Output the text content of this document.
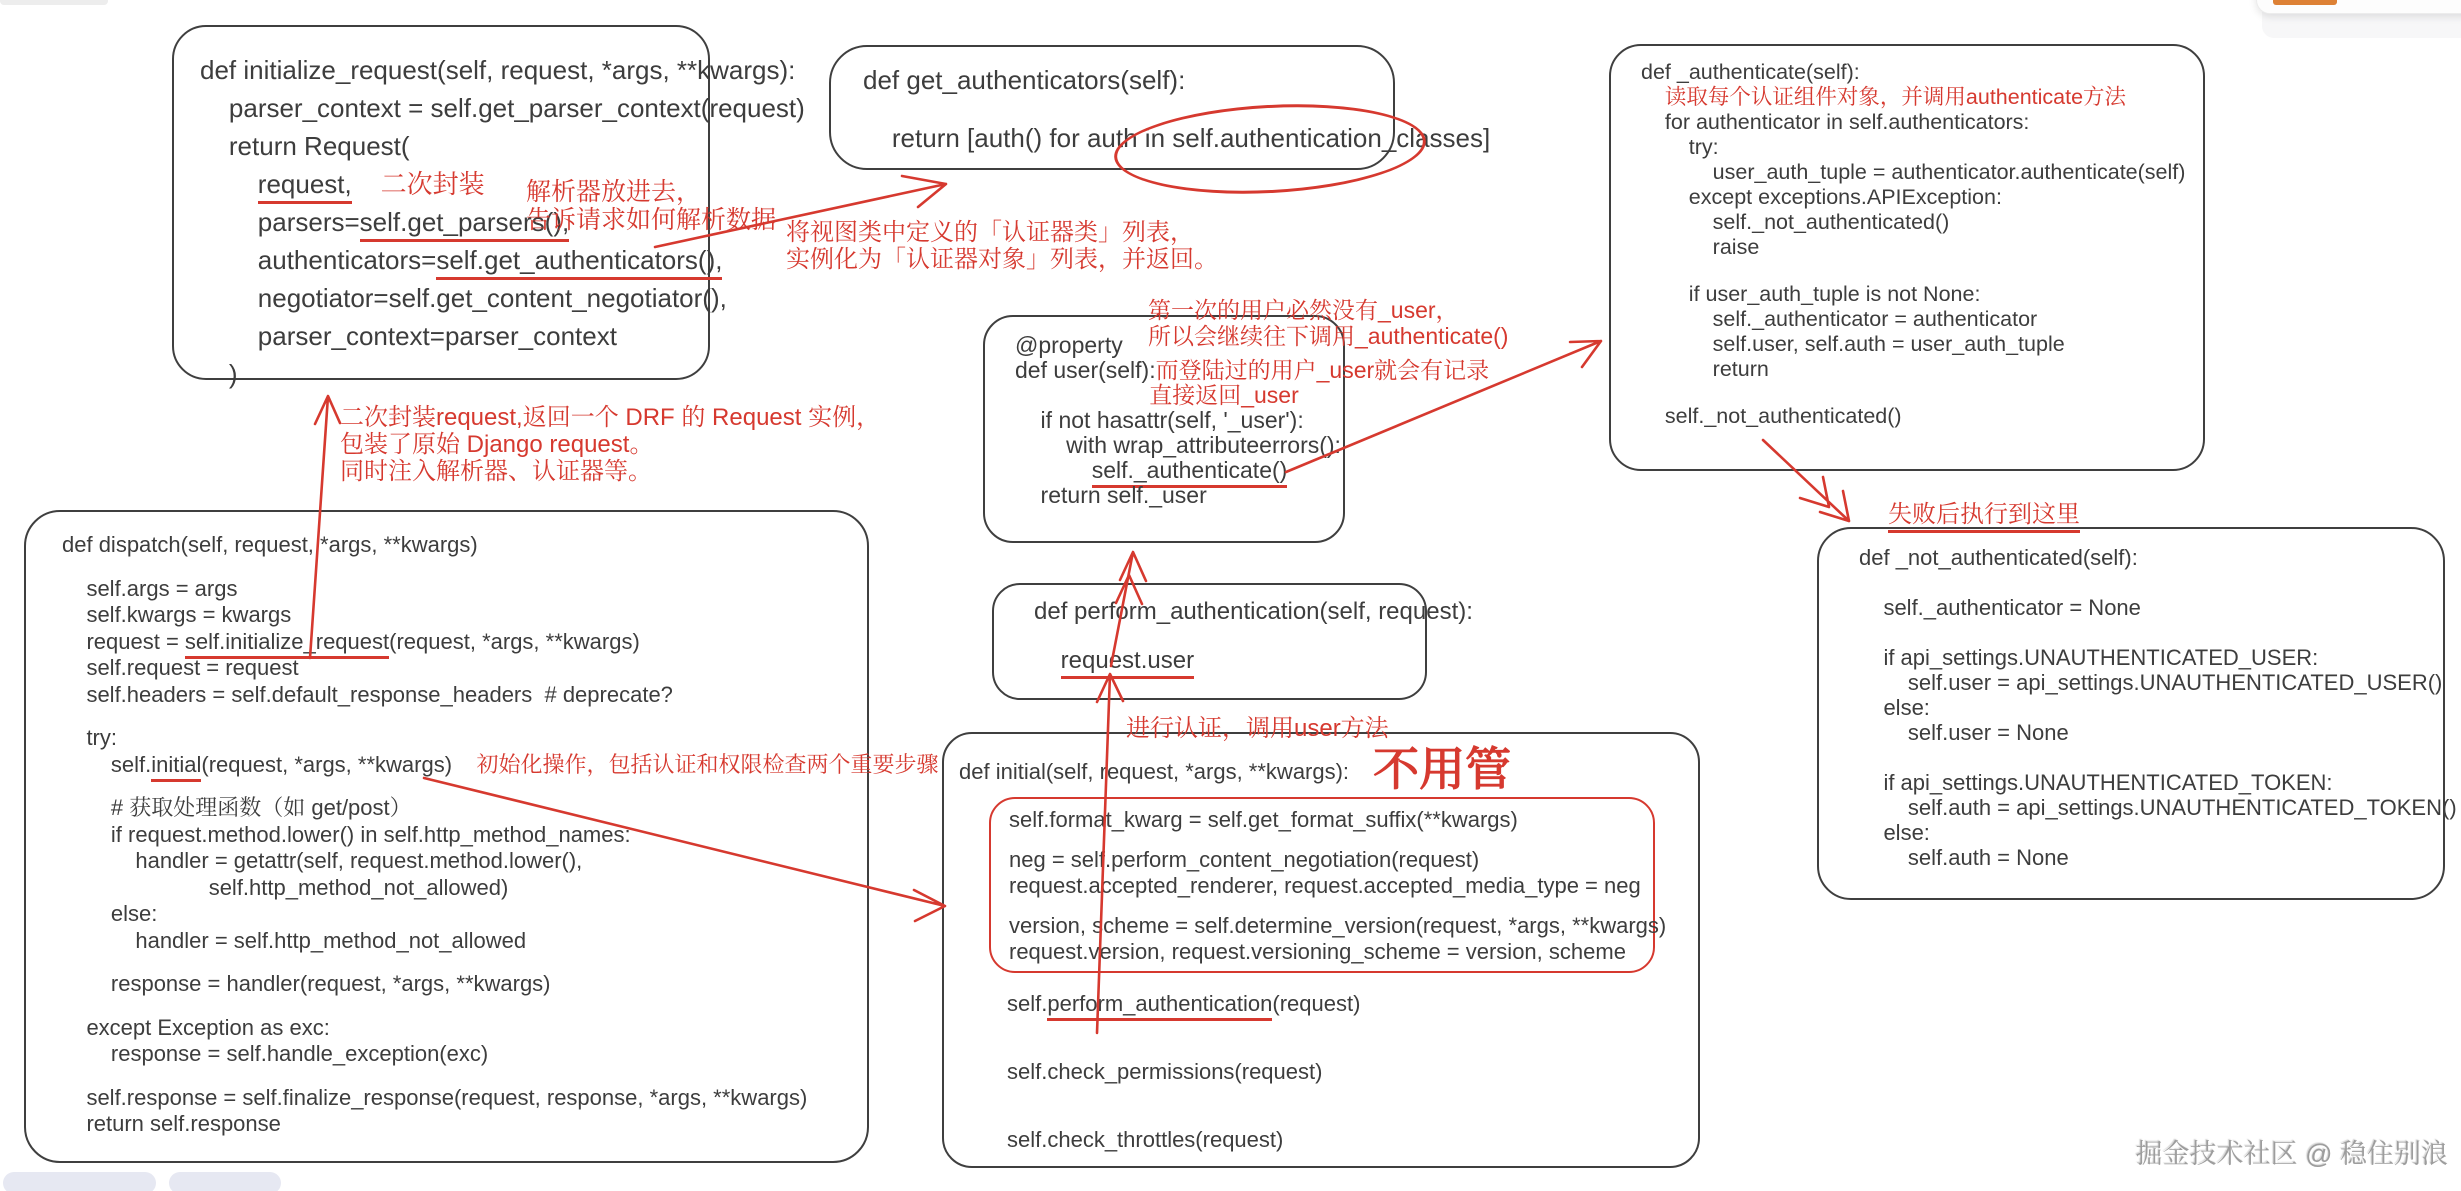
def initialize_request(self, request, *args, **kwargs):
parser_context = self.get_parser_context(request)
return Request(
request, 二次封装
parsers=self.get_parsers(),
authenticators=self.get_authenticators(),
negotiator=self.get_content_negotiator(),
parser_context=parser_context
)
def get_authenticators(self):
return [auth() for auth in self.authentication_classes]
def _authenticate(self):
读取每个认证组件对象，并调用authenticate方法
for authenticator in self.authenticators:
try:
user_auth_tuple = authenticator.authenticate(self)
except exceptions.APIException:
self._not_authenticated()
raise
if user_auth_tuple is not None:
self._authenticator = authenticator
self.user, self.auth = user_auth_tuple
return
self._not_authenticated()
@property
def user(self):而登陆过的用户_user就会有记录
直接返回_user
if not hasattr(self, '_user'):
with wrap_attributeerrors():
self._authenticate()
return self._user
def perform_authentication(self, request):
request.user
def dispatch(self, request, *args, **kwargs)
self.args = args
self.kwargs = kwargs
request = self.initialize_request(request, *args, **kwargs)
self.request = request
self.headers = self.default_response_headers  # deprecate?
try:
self.initial(request, *args, **kwargs) 初始化操作，包括认证和权限检查两个重要步骤
# 获取处理函数（如 get/post）
if request.method.lower() in self.http_method_names:
handler = getattr(self, request.method.lower(),
self.http_method_not_allowed)
else:
handler = self.http_method_not_allowed
response = handler(request, *args, **kwargs)
except Exception as exc:
response = self.handle_exception(exc)
self.response = self.finalize_response(request, response, *args, **kwargs)
return self.response
def initial(self, request, *args, **kwargs): 不用管
self.format_kwarg = self.get_format_suffix(**kwargs)
neg = self.perform_content_negotiation(request)
request.accepted_renderer, request.accepted_media_type = neg
version, scheme = self.determine_version(request, *args, **kwargs)
request.version, request.versioning_scheme = version, scheme
self.perform_authentication(request)
self.check_permissions(request)
self.check_throttles(request)
def _not_authenticated(self):
self._authenticator = None
if api_settings.UNAUTHENTICATED_USER:
self.user = api_settings.UNAUTHENTICATED_USER()
else:
self.user = None
if api_settings.UNAUTHENTICATED_TOKEN:
self.auth = api_settings.UNAUTHENTICATED_TOKEN()
else:
self.auth = None
二次封装request,返回一个 DRF 的 Request 实例，
包装了原始 Django request。
同时注入解析器、认证器等。
解析器放进去，
告诉请求如何解析数据 将视图类中定义的「认证器类」列表，
实例化为「认证器对象」列表，并返回。
第一次的用户必然没有_user，
所以会继续往下调用_authenticate()
进行认证，调用user方法
失败后执行到这里
掘金技术社区 @ 稳住别浪
